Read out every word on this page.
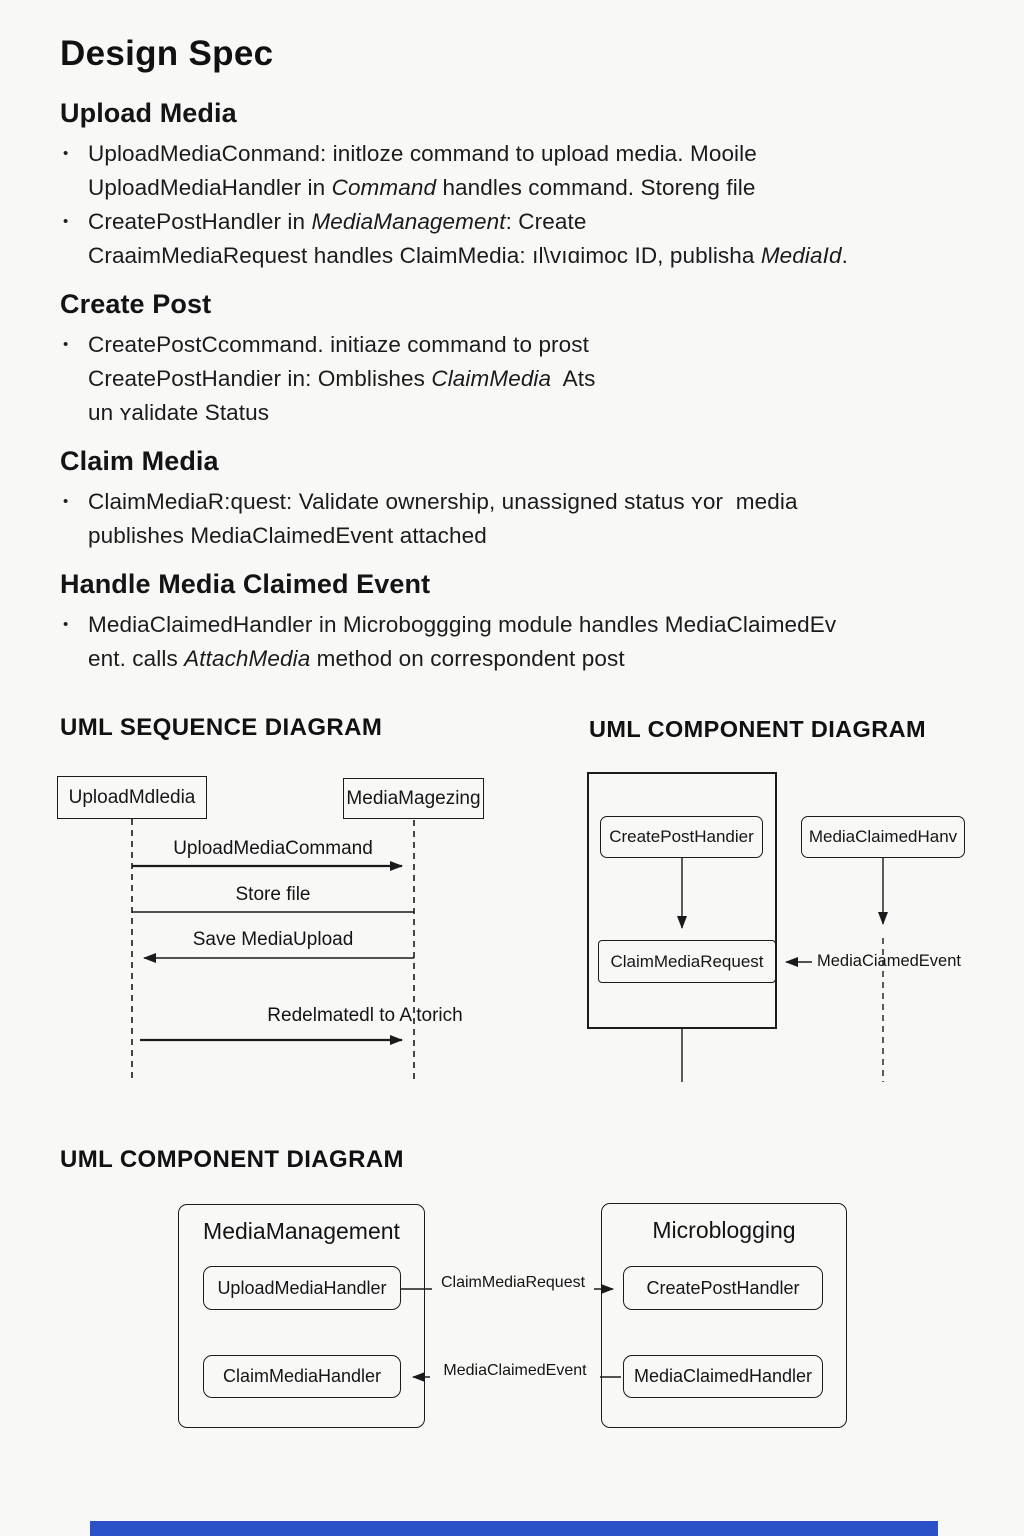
Design Spec
Upload Media
• UploadMediaConmand: initloze command to upload media. Mooile
UploadMediaHandler in Command handles command. Storeng file
• CreatePostHandler in MediaManagement: Create
CraaimMediaRequest handles ClaimMedia: ıl\vıɑimoc ID, publisha MediaId.
Create Post
• CreatePostCcommand. initiaze command to prost
CreatePostHandier in: Omblishes ClaimMedia  Ats
un ʏalidate Status
Claim Media
• ClaimMediaR:quest: Validate ownership, unassigned status ʏor  media
publishes MediaClaimedEvent attached
Handle Media Claimed Event
• MediaClaimedHandler in Microboggging module handles MediaClaimedEv
ent. calls AttachMedia method on correspondent post
UML SEQUENCE DIAGRAM
UploadMdledia	MediaMagezing
UploadMediaCommand
Store file
Save MediaUpload
Redelmatedl to A torich
UML COMPONENT DIAGRAM
CreatePostHandier	MediaClaimedHanv
ClaimMediaRequest	MediaCiamedEvent
UML COMPONENT DIAGRAM
MediaManagement
UploadMediaHandler
ClaimMediaHandler
Microblogging
CreatePostHandler
MediaClaimedHandler
ClaimMediaRequest
MediaClaimedEvent
